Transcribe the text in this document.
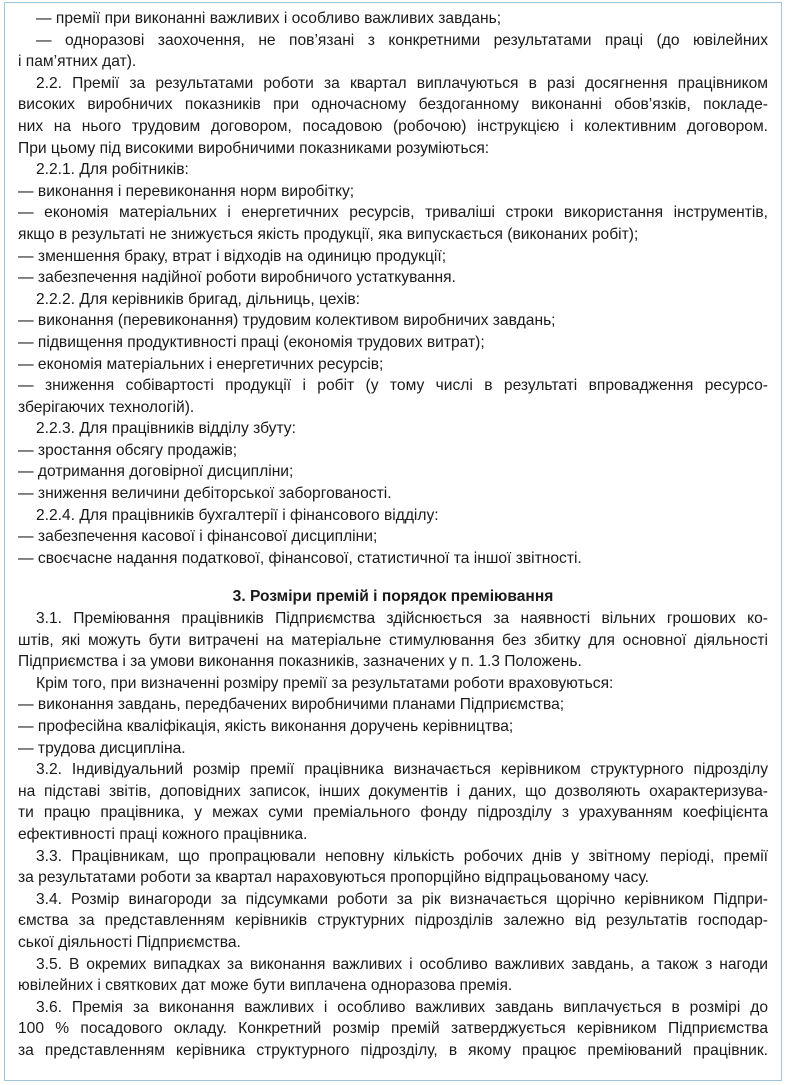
— премії при виконанні важливих і особливо важливих завдань;
— одноразові заохочення, не пов’язані з конкретними результатами праці (до ювілейних
і пам’ятних дат).
2.2. Премії за результатами роботи за квартал виплачуються в разі досягнення працівником
високих виробничих показників при одночасному бездоганному виконанні обов’язків, покладе-
них на нього трудовим договором, посадовою (робочою) інструкцією і колективним договором.
При цьому під високими виробничими показниками розуміються:
2.2.1. Для робітників:
— виконання і перевиконання норм виробітку;
— економія матеріальних і енергетичних ресурсів, триваліші строки використання інструментів,
якщо в результаті не знижується якість продукції, яка випускається (виконаних робіт);
— зменшення браку, втрат і відходів на одиницю продукції;
— забезпечення надійної роботи виробничого устаткування.
2.2.2. Для керівників бригад, дільниць, цехів:
— виконання (перевиконання) трудовим колективом виробничих завдань;
— підвищення продуктивності праці (економія трудових витрат);
— економія матеріальних і енергетичних ресурсів;
— зниження собівартості продукції і робіт (у тому числі в результаті впровадження ресурсо-
зберігаючих технологій).
2.2.3. Для працівників відділу збуту:
— зростання обсягу продажів;
— дотримання договірної дисципліни;
— зниження величини дебіторської заборгованості.
2.2.4. Для працівників бухгалтерії і фінансового відділу:
— забезпечення касової і фінансової дисципліни;
— своєчасне надання податкової, фінансової, статистичної та іншої звітності.
3. Розміри премій і порядок преміювання
3.1. Преміювання працівників Підприємства здійснюється за наявності вільних грошових ко-
штів, які можуть бути витрачені на матеріальне стимулювання без збитку для основної діяльності
Підприємства і за умови виконання показників, зазначених у п. 1.3 Положень.
Крім того, при визначенні розміру премії за результатами роботи враховуються:
— виконання завдань, передбачених виробничими планами Підприємства;
— професійна кваліфікація, якість виконання доручень керівництва;
— трудова дисципліна.
3.2. Індивідуальний розмір премії працівника визначається керівником структурного підрозділу
на підставі звітів, доповідних записок, інших документів і даних, що дозволяють охарактеризува-
ти працю працівника, у межах суми преміального фонду підрозділу з урахуванням коефіцієнта
ефективності праці кожного працівника.
3.3. Працівникам, що пропрацювали неповну кількість робочих днів у звітному періоді, премії
за результатами роботи за квартал нараховуються пропорційно відпрацьованому часу.
3.4. Розмір винагороди за підсумками роботи за рік визначається щорічно керівником Підпри-
ємства за представленням керівників структурних підрозділів залежно від результатів господар-
ської діяльності Підприємства.
3.5. В окремих випадках за виконання важливих і особливо важливих завдань, а також з нагоди
ювілейних і святкових дат може бути виплачена одноразова премія.
3.6. Премія за виконання важливих і особливо важливих завдань виплачується в розмірі до
100 % посадового окладу. Конкретний розмір премій затверджується керівником Підприємства
за представленням керівника структурного підрозділу, в якому працює преміюваний працівник.
